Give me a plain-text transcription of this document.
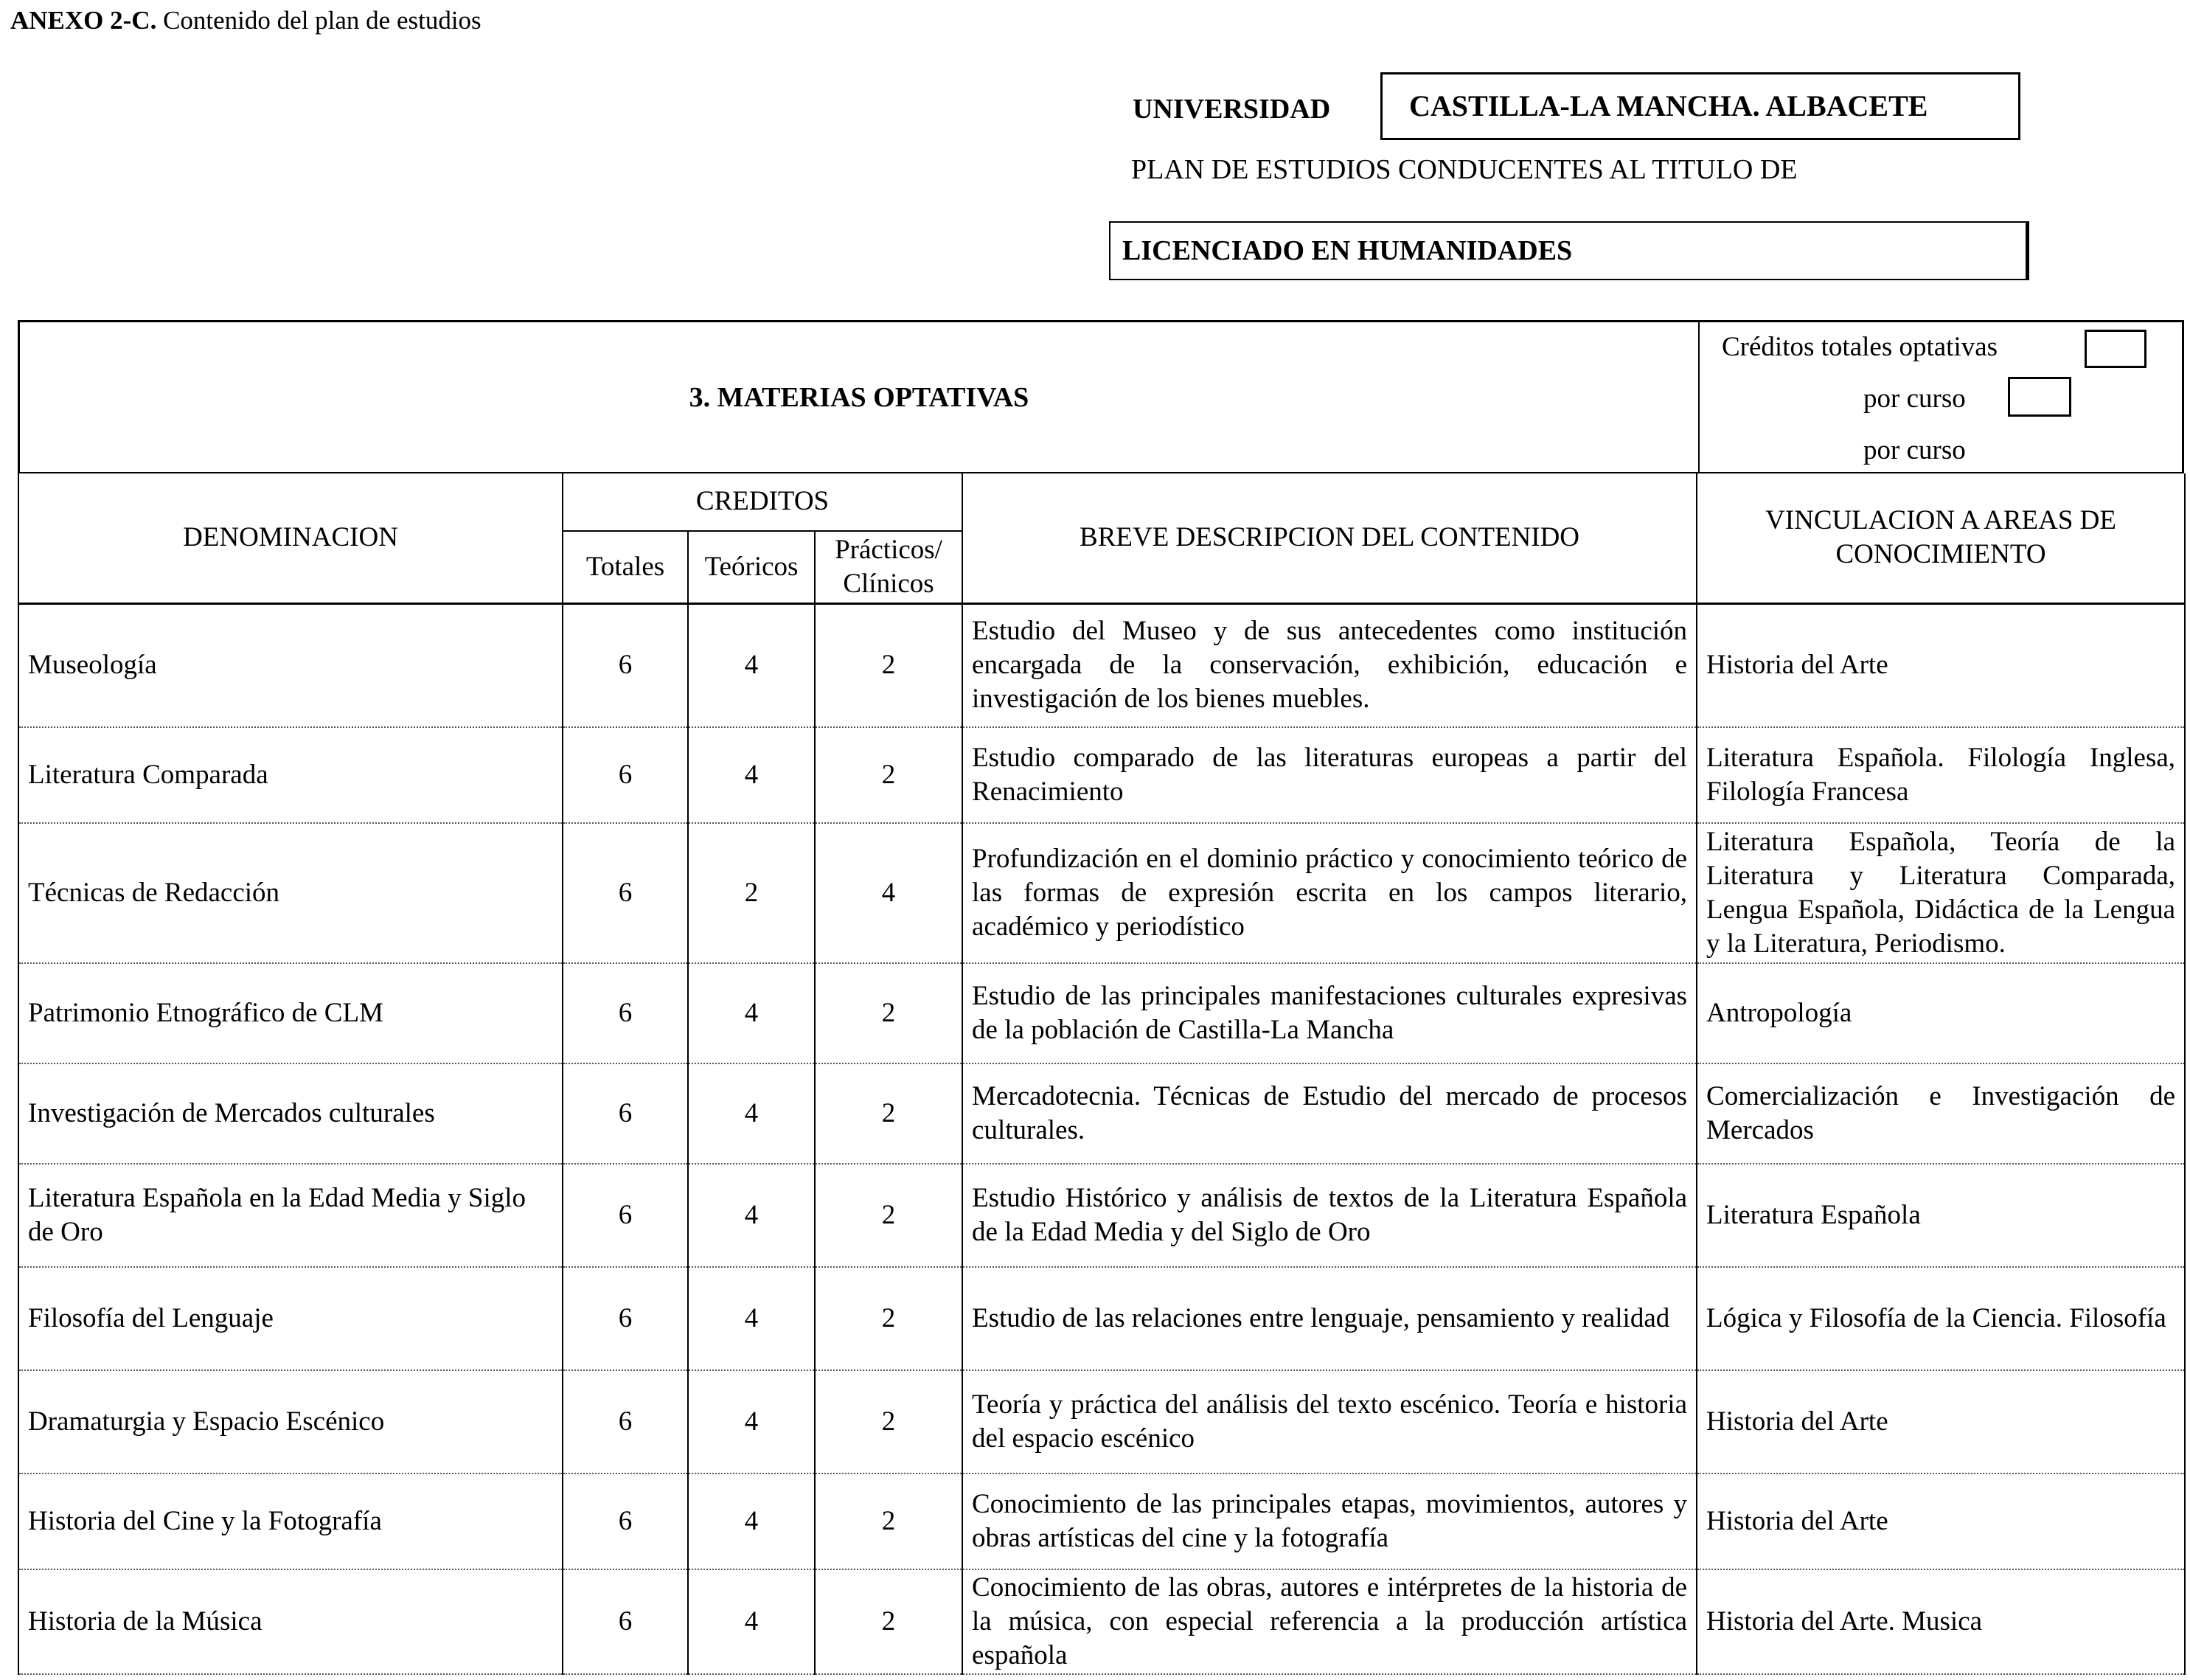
ANEXO 2-C. Contenido del plan de estudios
UNIVERSIDAD	CASTILLA-LA MANCHA. ALBACETE
PLAN DE ESTUDIOS CONDUCENTES AL TITULO DE
LICENCIADO EN HUMANIDADES
3. MATERIAS OPTATIVAS
Créditos totales optativas
por curso
por curso
DENOMINACION	CREDITOS			BREVE DESCRIPCION DEL CONTENIDO	VINCULACION A AREAS DE
CONOCIMIENTO
	Totales	Teóricos	Prácticos/
Clínicos		
Museología	6	4	2	Estudio del Museo y de sus antecedentes como institución encargada de la conservación, exhibición, educación e investigación de los bienes muebles.	Historia del Arte
Literatura Comparada	6	4	2	Estudio comparado de las literaturas europeas a partir del Renacimiento	Literatura Española. Filología Inglesa, Filología Francesa
Técnicas de Redacción	6	2	4	Profundización en el dominio práctico y conocimiento teórico de las formas de expresión escrita en los campos literario, académico y periodístico	Literatura Española, Teoría de la Literatura y Literatura Comparada, Lengua Española, Didáctica de la Lengua y la Literatura, Periodismo.
Patrimonio Etnográfico de CLM	6	4	2	Estudio de las principales manifestaciones culturales expresivas de la población de Castilla-La Mancha	Antropología
Investigación de Mercados culturales	6	4	2	Mercadotecnia. Técnicas de Estudio del mercado de procesos culturales.	Comercialización e Investigación de Mercados
Literatura Española en la Edad Media y Siglo de Oro	6	4	2	Estudio Histórico y análisis de textos de la Literatura Española de la Edad Media y del Siglo de Oro	Literatura Española
Filosofía del Lenguaje	6	4	2	Estudio de las relaciones entre lenguaje, pensamiento y realidad	Lógica y Filosofía de la Ciencia. Filosofía
Dramaturgia y Espacio Escénico	6	4	2	Teoría y práctica del análisis del texto escénico. Teoría e historia del espacio escénico	Historia del Arte
Historia del Cine y la Fotografía	6	4	2	Conocimiento de las principales etapas, movimientos, autores y obras artísticas del cine y la fotografía	Historia del Arte
Historia de la Música	6	4	2	Conocimiento de las obras, autores e intérpretes de la historia de la música, con especial referencia a la producción artística española	Historia del Arte. Musica
